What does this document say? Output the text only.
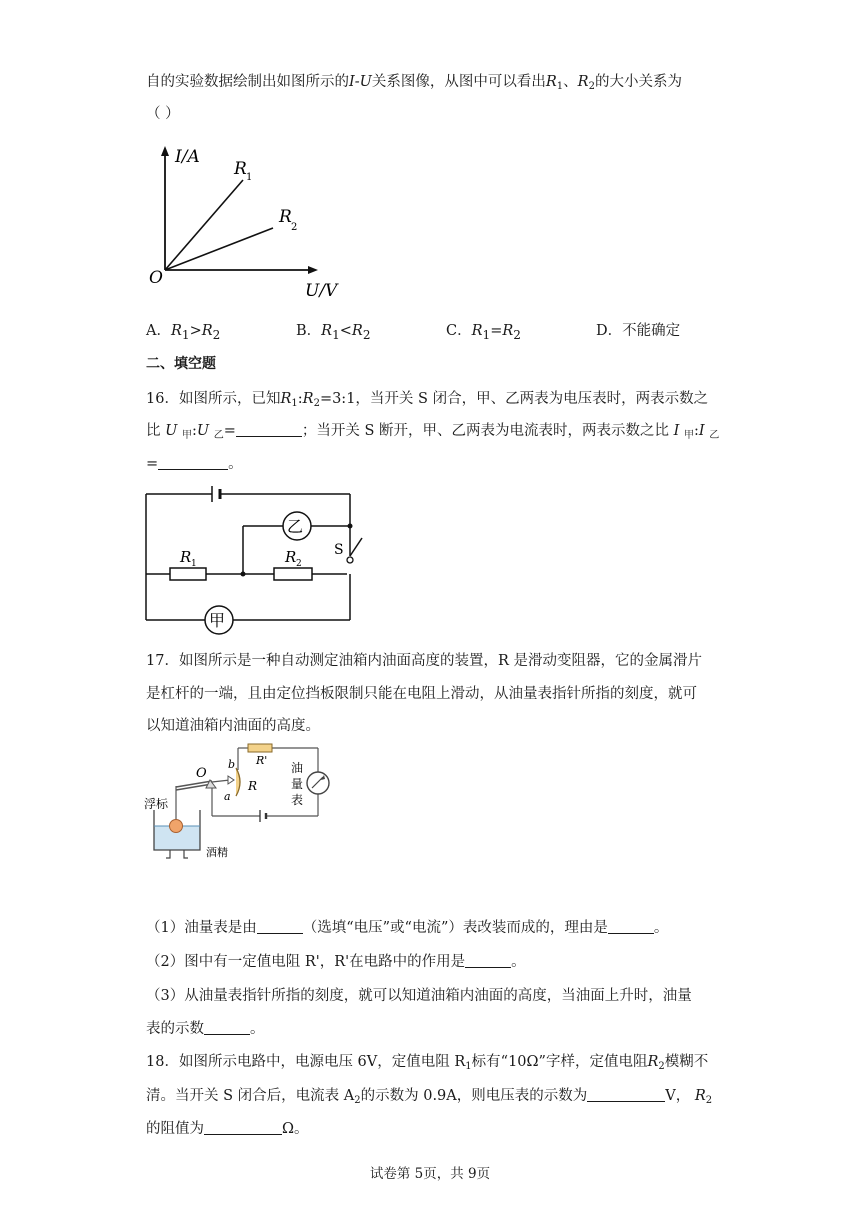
自的实验数据绘制出如图所示的I-U关系图像，从图中可以看出$R_1$、$R_2$的大小关系为
（ ）
I/A
U/V
O
R 1
R
2
A．$R_1>R_2$	B．$R_1<R_2$	C．$R_1=R_2$	D．不能确定
二、填空题
16．如图所示，已知$R_1:R_2=3:1$，当开关 S 闭合，甲、乙两表为电压表时，两表示数之
比 U $_甲$:U $_乙$=	；当开关 S 断开，甲、乙两表为电流表时，两表示数之比 I $_甲$:I $_乙$
=	。
乙
甲
R 1	R 2
S
17．如图所示是一种自动测定油箱内油面高度的装置，R 是滑动变阻器，它的金属滑片
是杠杆的一端，且由定位挡板限制只能在电阻上滑动，从油量表指针所指的刻度，就可
以知道油箱内油面的高度。
O
b
a
R
R'
油
量
表
浮标
酒精
（1）油量表是由	（选填“电压”或“电流”）表改装而成的，理由是	。
（2）图中有一定值电阻 R'，R'在电路中的作用是	。
（3）从油量表指针所指的刻度，就可以知道油箱内油面的高度，当油面上升时，油量
表的示数	。
18．如图所示电路中，电源电压 6V，定值电阻 $R_1$标有“10Ω”字样，定值电阻$R_2$模糊不
清。当开关 S 闭合后，电流表 $A_2$的示数为 0.9A，则电压表的示数为	V， $R_2$
的阻值为	Ω。
试卷第 5页，共 9页
